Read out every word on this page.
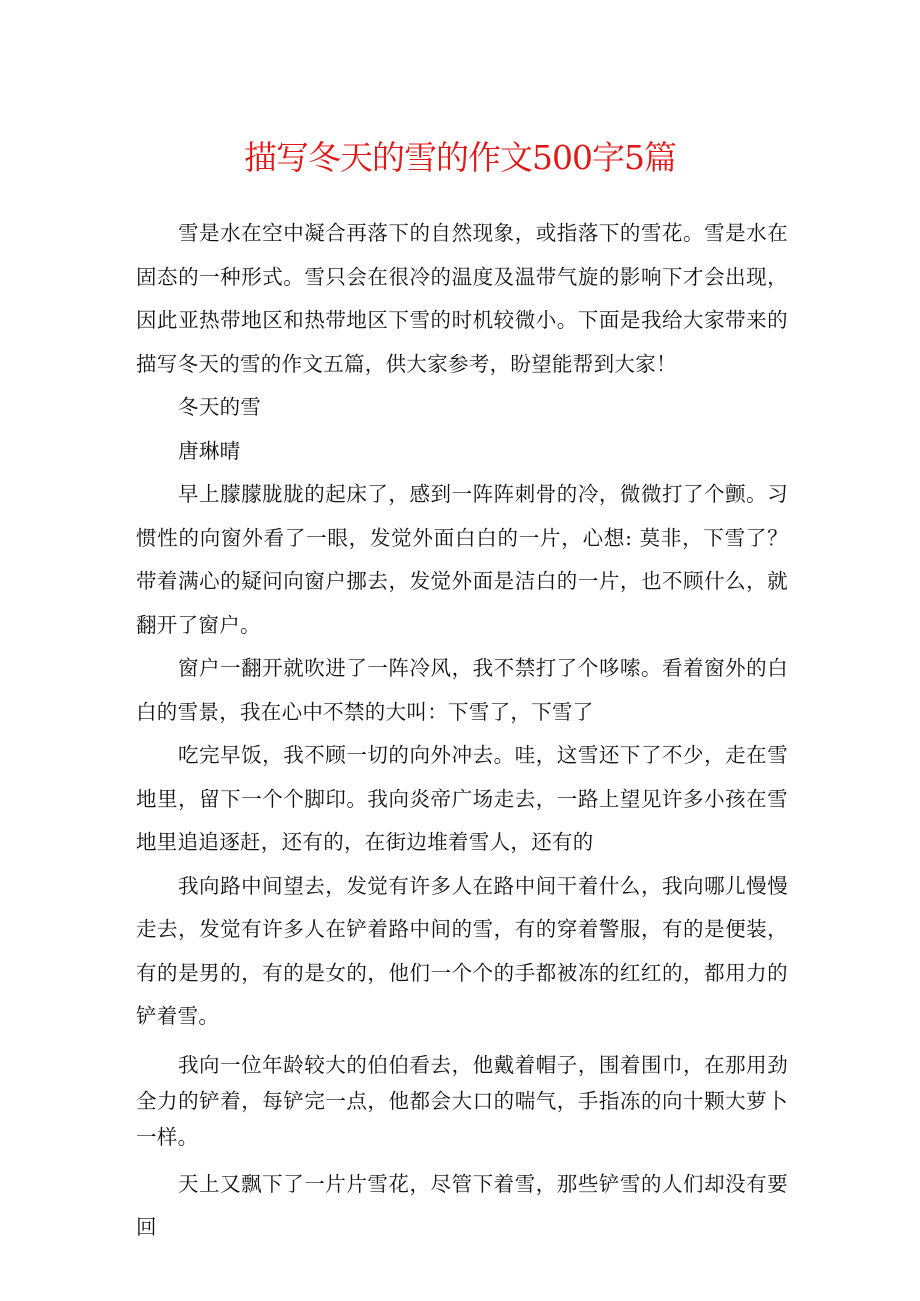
描写冬天的雪的作文500字5篇

雪是水在空中凝合再落下的自然现象，或指落下的雪花。雪是水在固态的一种形式。雪只会在很冷的温度及温带气旋的影响下才会出现，因此亚热带地区和热带地区下雪的时机较微小。下面是我给大家带来的描写冬天的雪的作文五篇，供大家参考，盼望能帮到大家！

冬天的雪

唐琳晴

早上朦朦胧胧的起床了，感到一阵阵刺骨的冷，微微打了个颤。习惯性的向窗外看了一眼，发觉外面白白的一片，心想: 莫非，下雪了？带着满心的疑问向窗户挪去，发觉外面是洁白的一片，也不顾什么，就翻开了窗户。

窗户一翻开就吹进了一阵冷风，我不禁打了个哆嗦。看着窗外的白白的雪景，我在心中不禁的大叫：下雪了，下雪了

吃完早饭，我不顾一切的向外冲去。哇，这雪还下了不少，走在雪地里，留下一个个脚印。我向炎帝广场走去，一路上望见许多小孩在雪地里追追逐赶，还有的，在街边堆着雪人，还有的

我向路中间望去，发觉有许多人在路中间干着什么，我向哪儿慢慢走去，发觉有许多人在铲着路中间的雪，有的穿着警服，有的是便装，有的是男的，有的是女的，他们一个个的手都被冻的红红的，都用力的铲着雪。

我向一位年龄较大的伯伯看去，他戴着帽子，围着围巾，在那用劲全力的铲着，每铲完一点，他都会大口的喘气，手指冻的向十颗大萝卜一样。

天上又飘下了一片片雪花，尽管下着雪，那些铲雪的人们却没有要回
